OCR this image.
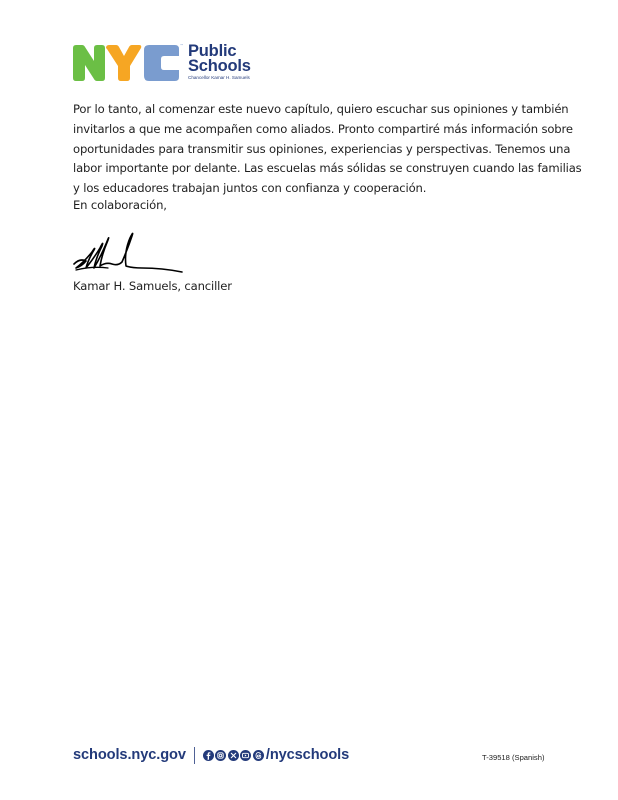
™ Public
Schools
Chancellor Kamar H. Samuels
Por lo tanto, al comenzar este nuevo capítulo, quiero escuchar sus opiniones y también
invitarlos a que me acompañen como aliados. Pronto compartiré más información sobre
oportunidades para transmitir sus opiniones, experiencias y perspectivas. Tenemos una
labor importante por delante. Las escuelas más sólidas se construyen cuando las familias
y los educadores trabajan juntos con confianza y cooperación.
En colaboración,
Kamar H. Samuels, canciller
schools.nyc.gov	/nycschools	T-39518 (Spanish)
